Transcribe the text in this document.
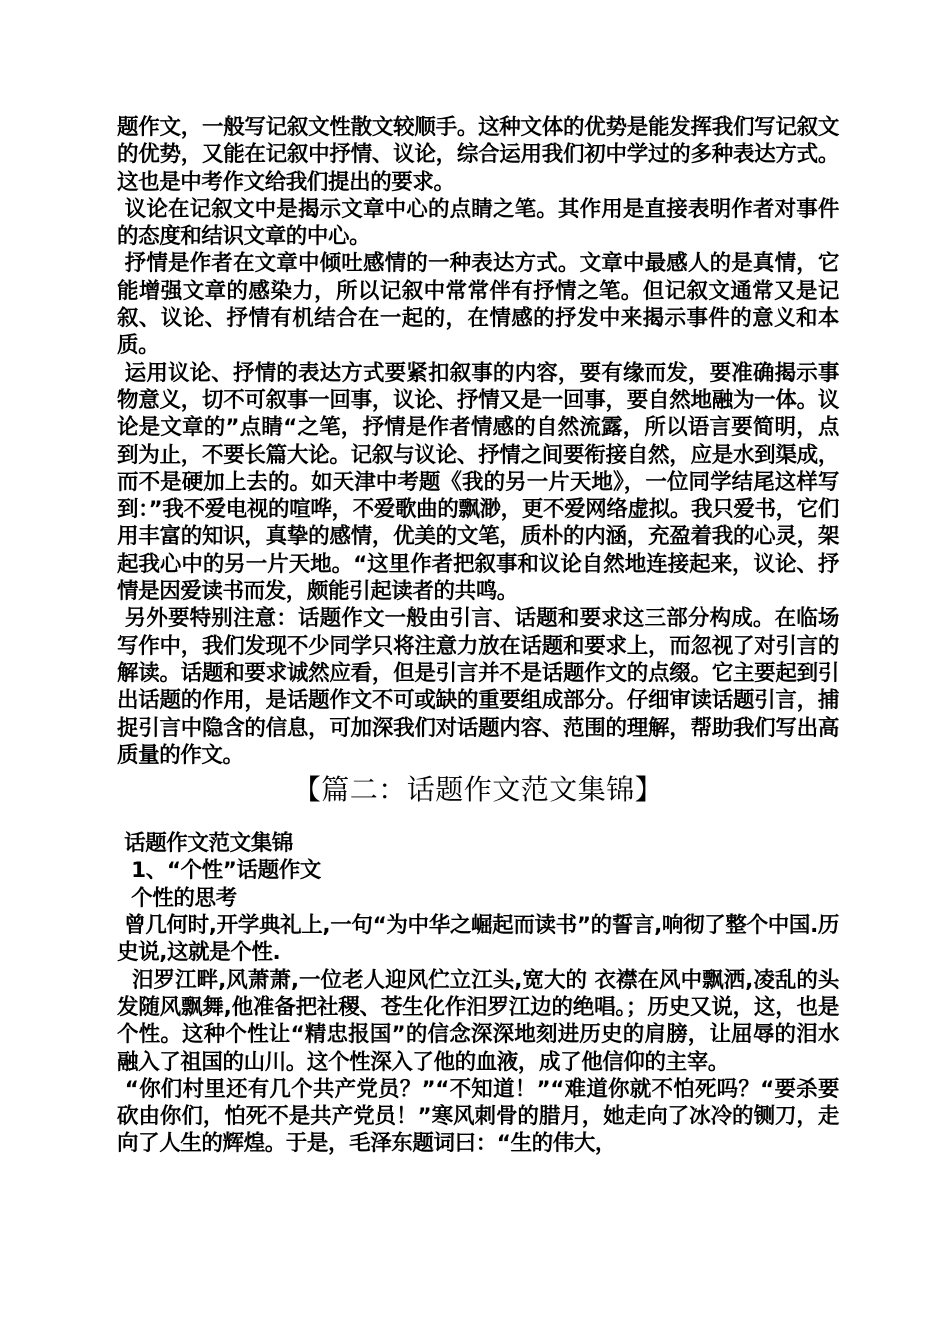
题作文，一般写记叙文性散文较顺手。这种文体的优势是能发挥我们写记叙文的优势，又能在记叙中抒情、议论，综合运用我们初中学过的多种表达方式。这也是中考作文给我们提出的要求。

议论在记叙文中是揭示文章中心的点睛之笔。其作用是直接表明作者对事件的态度和结识文章的中心。

抒情是作者在文章中倾吐感情的一种表达方式。文章中最感人的是真情，它能增强文章的感染力，所以记叙中常常伴有抒情之笔。但记叙文通常又是记叙、议论、抒情有机结合在一起的，在情感的抒发中来揭示事件的意义和本质。

运用议论、抒情的表达方式要紧扣叙事的内容，要有缘而发，要准确揭示事物意义，切不可叙事一回事，议论、抒情又是一回事，要自然地融为一体。议论是文章的”点睛“之笔，抒情是作者情感的自然流露，所以语言要简明，点到为止，不要长篇大论。记叙与议论、抒情之间要衔接自然，应是水到渠成，而不是硬加上去的。如天津中考题《我的另一片天地》，一位同学结尾这样写到：”我不爱电视的喧哗，不爱歌曲的飘渺，更不爱网络虚拟。我只爱书，它们用丰富的知识，真挚的感情，优美的文笔，质朴的内涵，充盈着我的心灵，架起我心中的另一片天地。“这里作者把叙事和议论自然地连接起来，议论、抒情是因爱读书而发，颇能引起读者的共鸣。

另外要特别注意：话题作文一般由引言、话题和要求这三部分构成。在临场写作中，我们发现不少同学只将注意力放在话题和要求上，而忽视了对引言的解读。话题和要求诚然应看，但是引言并不是话题作文的点缀。它主要起到引出话题的作用，是话题作文不可或缺的重要组成部分。仔细审读话题引言，捕捉引言中隐含的信息，可加深我们对话题内容、范围的理解，帮助我们写出高质量的作文。

【篇二：话题作文范文集锦】

话题作文范文集锦

1、“个性”话题作文

个性的思考

曾几何时,开学典礼上,一句“为中华之崛起而读书”的誓言,响彻了整个中国.历史说,这就是个性.

汨罗江畔,风萧萧,一位老人迎风伫立江头,宽大的 衣襟在风中飘洒,凌乱的头发随风飘舞,他准备把社稷、苍生化作汨罗江边的绝唱。；历史又说，这，也是个性。这种个性让“精忠报国”的信念深深地刻进历史的肩膀，让屈辱的泪水融入了祖国的山川。这个性深入了他的血液，成了他信仰的主宰。

“你们村里还有几个共产党员？”“不知道！”“难道你就不怕死吗？“要杀要砍由你们，怕死不是共产党员！”寒风刺骨的腊月，她走向了冰冷的铡刀，走向了人生的辉煌。于是，毛泽东题词曰：“生的伟大，
